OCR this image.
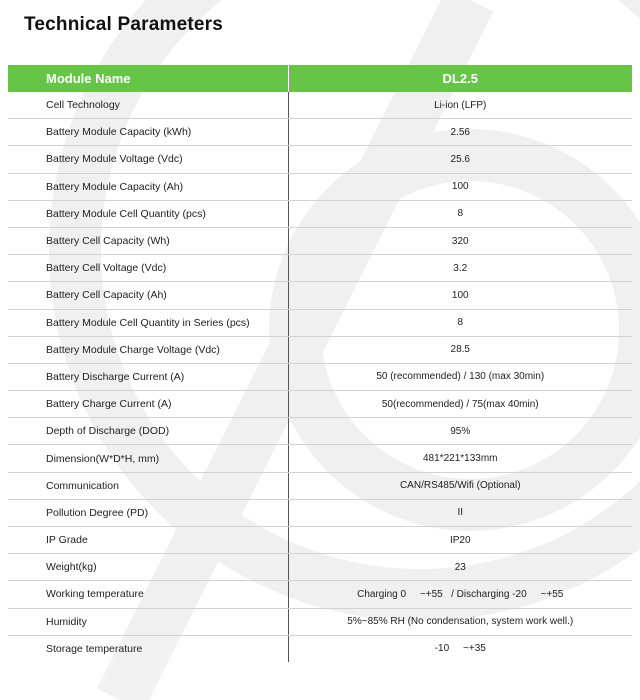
Technical Parameters
Module Name	DL2.5
Cell Technology	Li-ion (LFP)
Battery Module Capacity (kWh)	2.56
Battery Module Voltage (Vdc)	25.6
Battery Module Capacity (Ah)	100
Battery Module Cell Quantity (pcs)	8
Battery Cell Capacity (Wh)	320
Battery Cell Voltage (Vdc)	3.2
Battery Cell Capacity (Ah)	100
Battery Module Cell Quantity in Series (pcs)	8
Battery Module Charge Voltage (Vdc)	28.5
Battery Discharge Current (A)	50 (recommended) / 130 (max 30min)
Battery Charge Current (A)	50(recommended) / 75(max 40min)
Depth of Discharge (DOD)	95%
Dimension(W*D*H, mm)	481*221*133mm
Communication	CAN/RS485/Wifi (Optional)
Pollution Degree (PD)	II
IP Grade	IP20
Weight(kg)	23
Working temperature	Charging 0     ~+55   / Discharging -20     ~+55
Humidity	5%~85% RH (No condensation, system work well.)
Storage temperature	-10     ~+35
